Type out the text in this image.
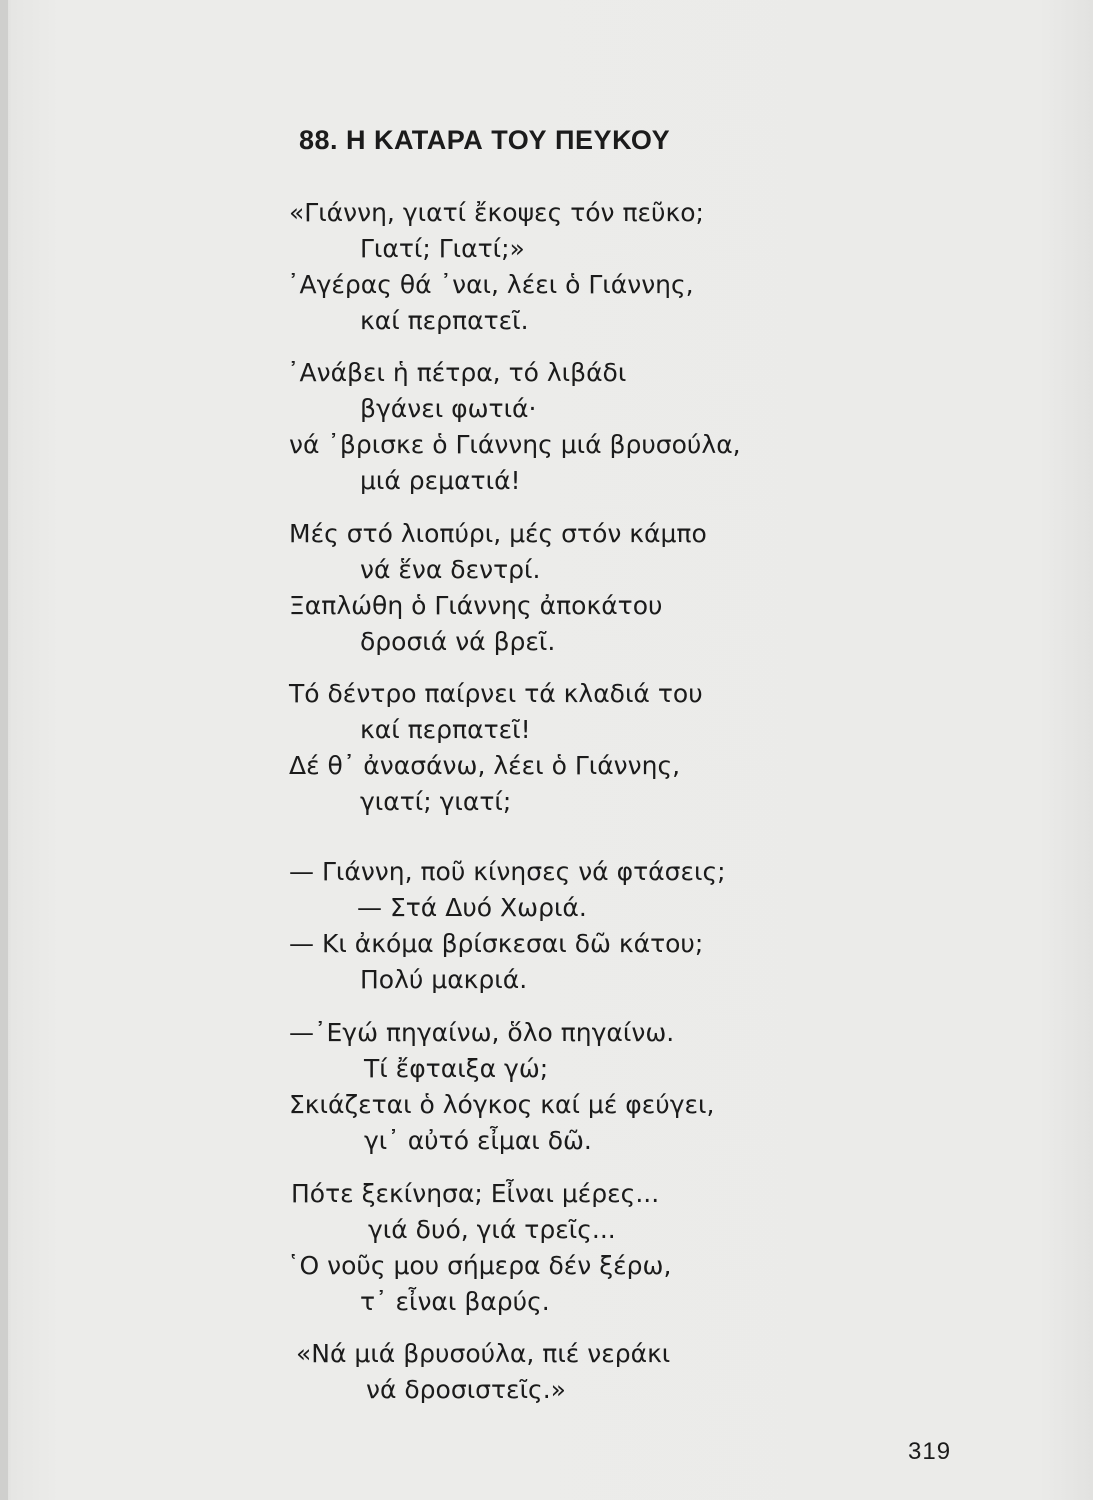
88. Η ΚΑΤΑΡΑ ΤΟΥ ΠΕΥΚΟΥ
«Γιάννη, γιατί ἔκοψες τόν πεῦκο;
Γιατί; Γιατί;»
᾿Αγέρας θά ᾿ναι, λέει ὁ Γιάννης,
καί περπατεῖ.
᾿Ανάβει ἡ πέτρα, τό λιβάδι
βγάνει φωτιά·
νά ᾿βρισκε ὁ Γιάννης μιά βρυσούλα,
μιά ρεματιά!
Μές στό λιοπύρι, μές στόν κάμπο
νά ἕνα δεντρί.
Ξαπλώθη ὁ Γιάννης ἀποκάτου
δροσιά νά βρεῖ.
Τό δέντρο παίρνει τά κλαδιά του
καί περπατεῖ!
Δέ θ᾿ ἀνασάνω, λέει ὁ Γιάννης,
γιατί; γιατί;
— Γιάννη, ποῦ κίνησες νά φτάσεις;
— Στά Δυό Χωριά.
— Κι ἀκόμα βρίσκεσαι δῶ κάτου;
Πολύ μακριά.
—᾿Εγώ πηγαίνω, ὅλο πηγαίνω.
Τί ἔφταιξα γώ;
Σκιάζεται ὁ λόγκος καί μέ φεύγει,
γι᾿ αὐτό εἶμαι δῶ.
Πότε ξεκίνησα; Εἶναι μέρες...
γιά δυό, γιά τρεῖς...
῾Ο νοῦς μου σήμερα δέν ξέρω,
τ᾿ εἶναι βαρύς.
«Νά μιά βρυσούλα, πιέ νεράκι
νά δροσιστεῖς.»
319
